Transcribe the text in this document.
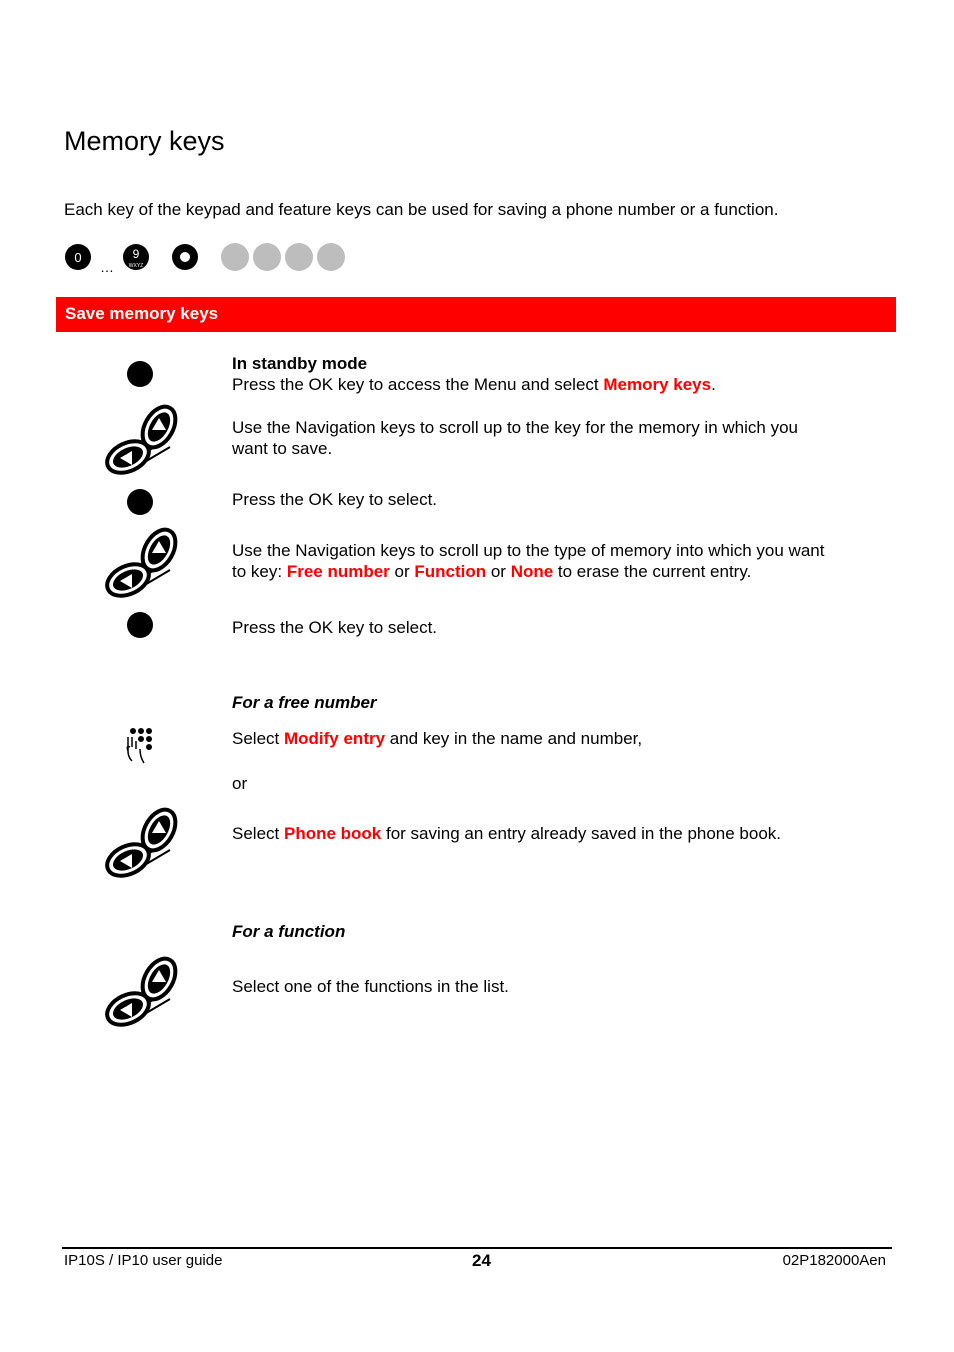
Memory keys
Each key of the keypad and feature keys can be used for saving a phone number or a function.
0
…
9
WXYZ
Save memory keys
In standby mode
Press the OK key to access the Menu and select Memory keys.
Use the Navigation keys to scroll up to the key for the memory in which you
want to save.
Press the OK key to select.
Use the Navigation keys to scroll up to the type of memory into which you want
to key: Free number or Function or None to erase the current entry.
Press the OK key to select.
For a free number
Select Modify entry and key in the name and number,
or
Select Phone book for saving an entry already saved in the phone book.
For a function
Select one of the functions in the list.
IP10S / IP10 user guide	24	02P182000Aen
